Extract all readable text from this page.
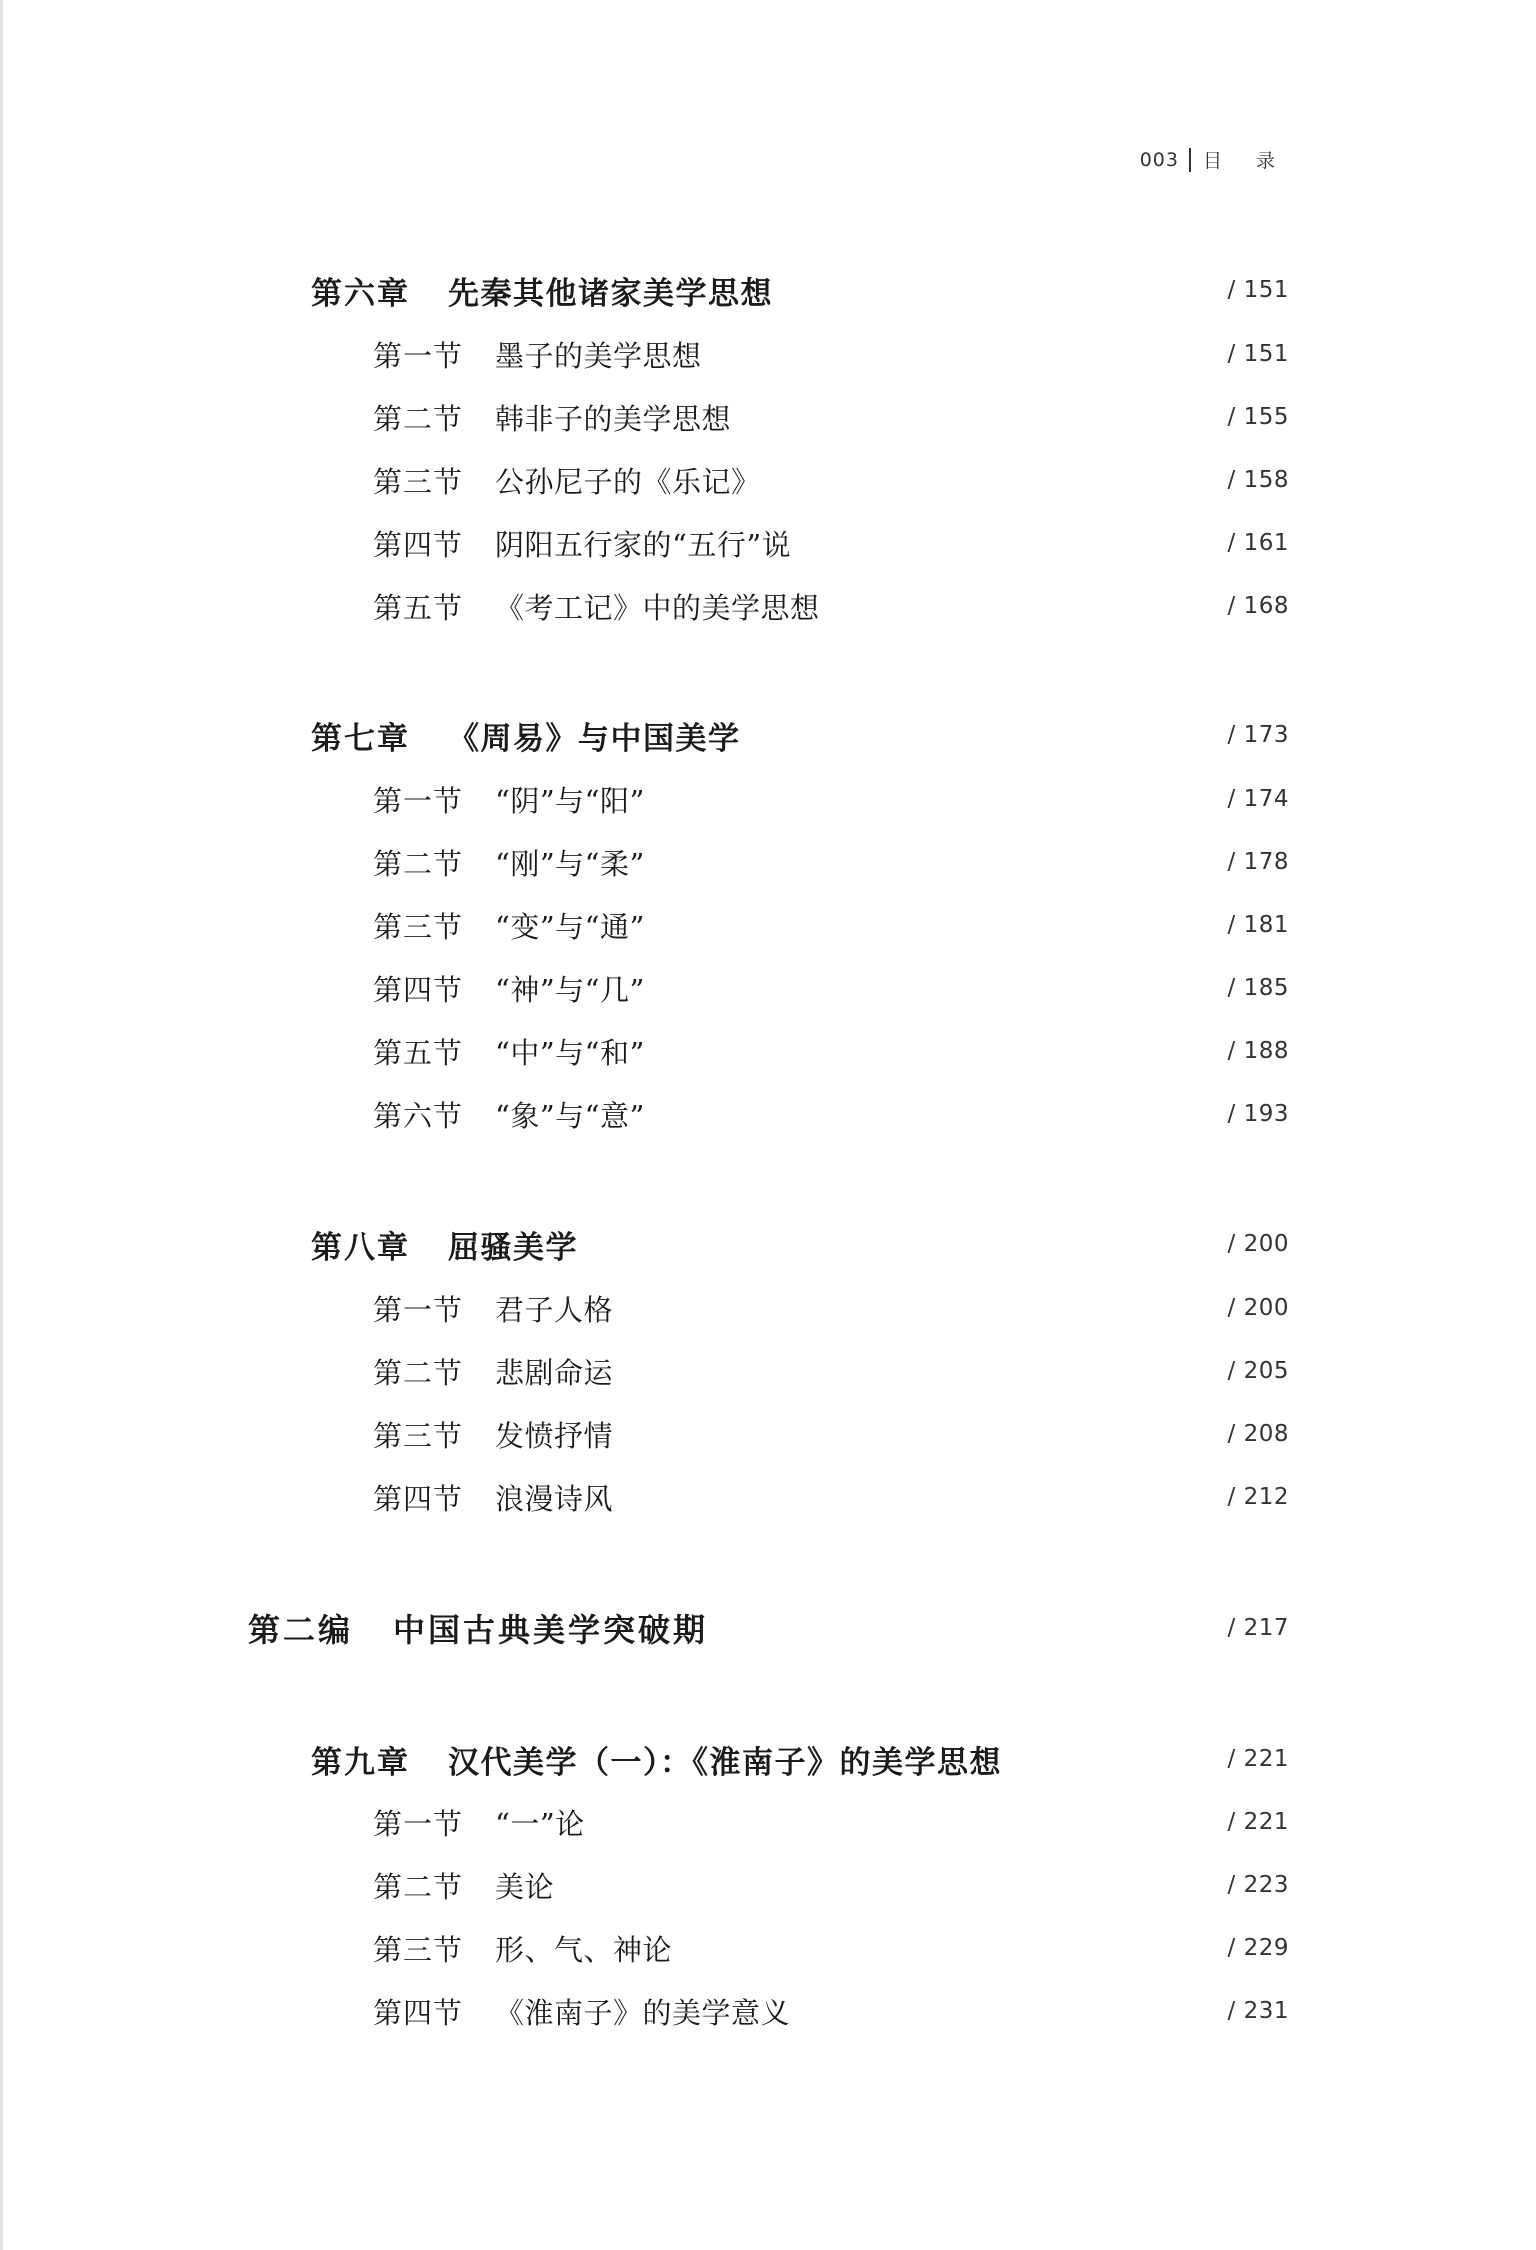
003 目 录
第六章 先秦其他诸家美学思想	/ 151
第一节 墨子的美学思想	/ 151
第二节 韩非子的美学思想	/ 155
第三节 公孙尼子的《乐记》	/ 158
第四节 阴阳五行家的“五行”说	/ 161
第五节 《考工记》中的美学思想	/ 168
第七章 《周易》与中国美学	/ 173
第一节 “阴”与“阳”	/ 174
第二节 “刚”与“柔”	/ 178
第三节 “变”与“通”	/ 181
第四节 “神”与“几”	/ 185
第五节 “中”与“和”	/ 188
第六节 “象”与“意”	/ 193
第八章 屈骚美学	/ 200
第一节 君子人格	/ 200
第二节 悲剧命运	/ 205
第三节 发愤抒情	/ 208
第四节 浪漫诗风	/ 212
第二编 中国古典美学突破期	/ 217
第九章 汉代美学（一）：《淮南子》的美学思想	/ 221
第一节 “一”论	/ 221
第二节 美论	/ 223
第三节 形、气、神论	/ 229
第四节 《淮南子》的美学意义	/ 231
